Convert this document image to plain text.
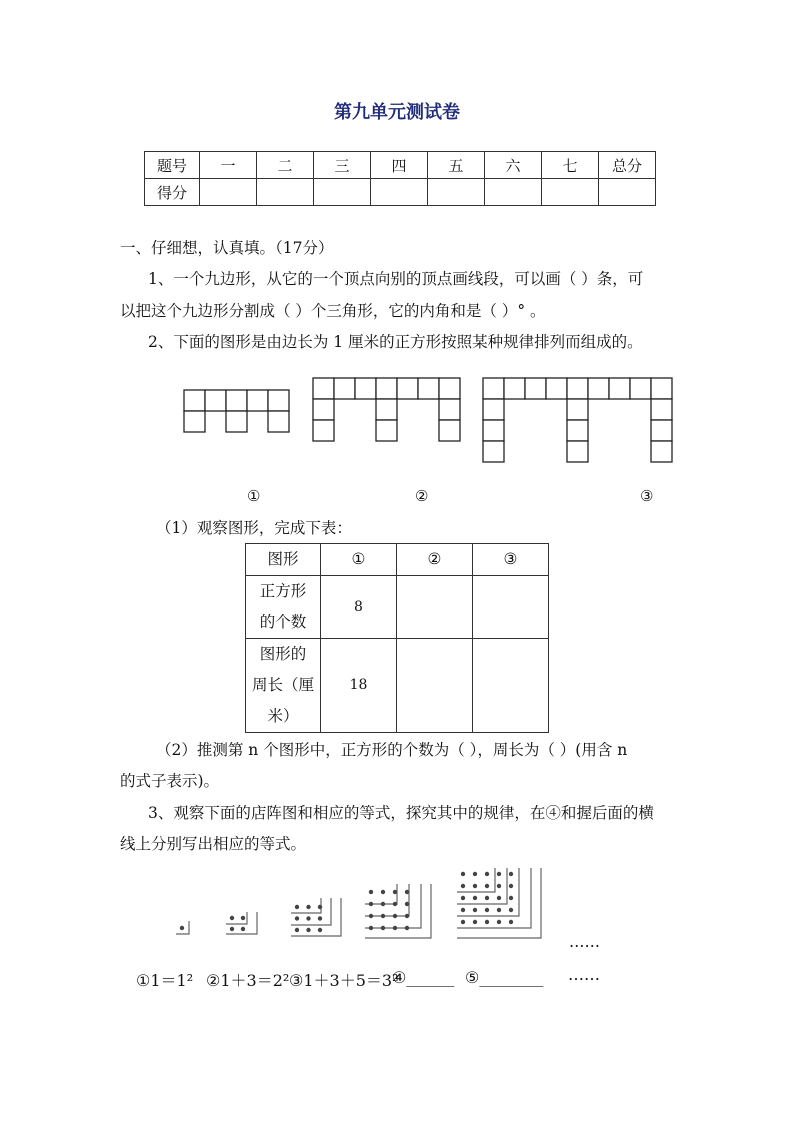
第九单元测试卷
题号	一	二	三	四	五	六	七	总分
得分								
一、仔细想，认真填。（17分）
1、一个九边形，从它的一个顶点向别的顶点画线段，可以画（ ）条，可
以把这个九边形分割成（ ）个三角形，它的内角和是（ ）° 。
2、下面的图形是由边长为 1 厘米的正方形按照某种规律排列而组成的。
①	②	③
（1）观察图形，完成下表：
图形	①	②	③

正方形
的个数	8		

图形的
周长（厘
米）	18		
（2）推测第 n 个图形中，正方形的个数为（ ），周长为（ ）(用含 n
的式子表示)。
3、观察下面的店阵图和相应的等式，探究其中的规律，在④和握后面的横
线上分别写出相应的等式。
……
①1＝1² ②1＋3＝2² ③1＋3＋5＝3²
④______ ⑤________ ……
